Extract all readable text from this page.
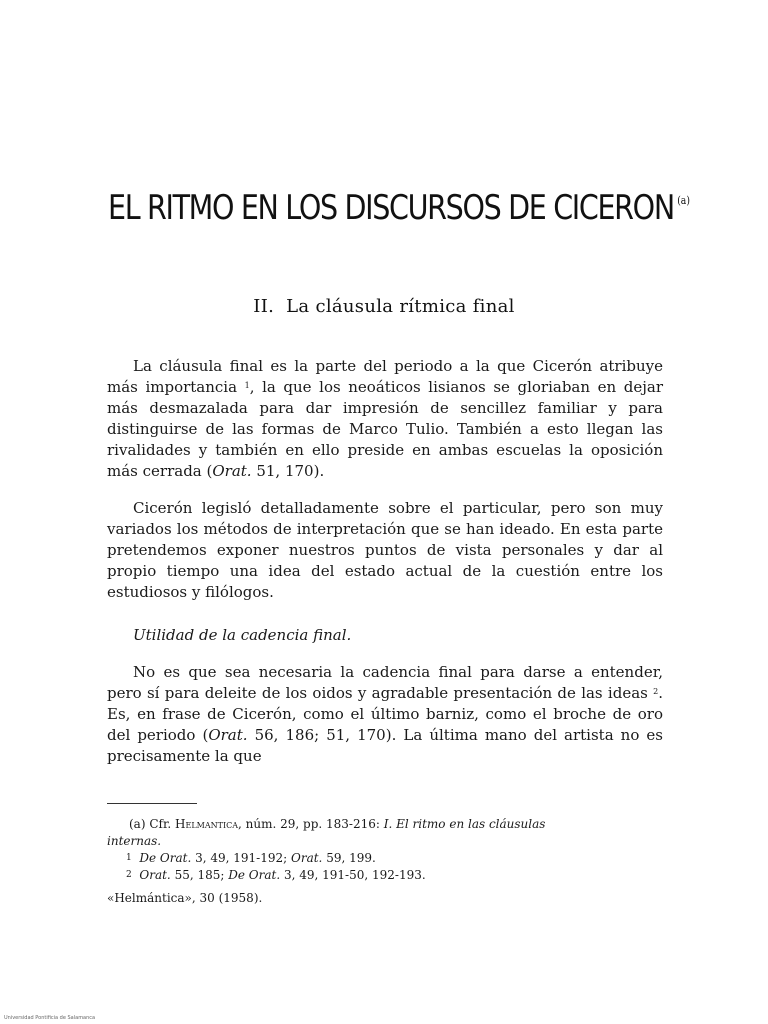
EL RITMO EN LOS DISCURSOS DE CICERON $^{(a)}$
II. La cláusula rítmica final

La cláusula final es la parte del periodo a la que Cicerón atribuye más importancia $^1$, la que los neoáticos lisianos se gloriaban en dejar más desmazalada para dar impresión de sencillez familiar y para distinguirse de las formas de Marco Tulio. También a esto llegan las rivalidades y también en ello preside en ambas escuelas la oposición más cerrada (Orat. 51, 170).

Cicerón legisló detalladamente sobre el particular, pero son muy variados los métodos de interpretación que se han ideado. En esta parte pretendemos exponer nuestros puntos de vista personales y dar al propio tiempo una idea del estado actual de la cuestión entre los estudiosos y filólogos.

Utilidad de la cadencia final.

No es que sea necesaria la cadencia final para darse a entender, pero sí para deleite de los oidos y agradable presentación de las ideas $^2$. Es, en frase de Cicerón, como el último barniz, como el broche de oro del periodo (Orat. 56, 186; 51, 170). La última mano del artista no es precisamente la que

(a) Cfr. Helmantica, núm. 29, pp. 183-216: I. El ritmo en las cláusulas
internas.
$^1$ De Orat. 3, 49, 191-192; Orat. 59, 199.
$^2$ Orat. 55, 185; De Orat. 3, 49, 191-50, 192-193.
«Helmántica», 30 (1958).
Universidad Pontificia de Salamanca
